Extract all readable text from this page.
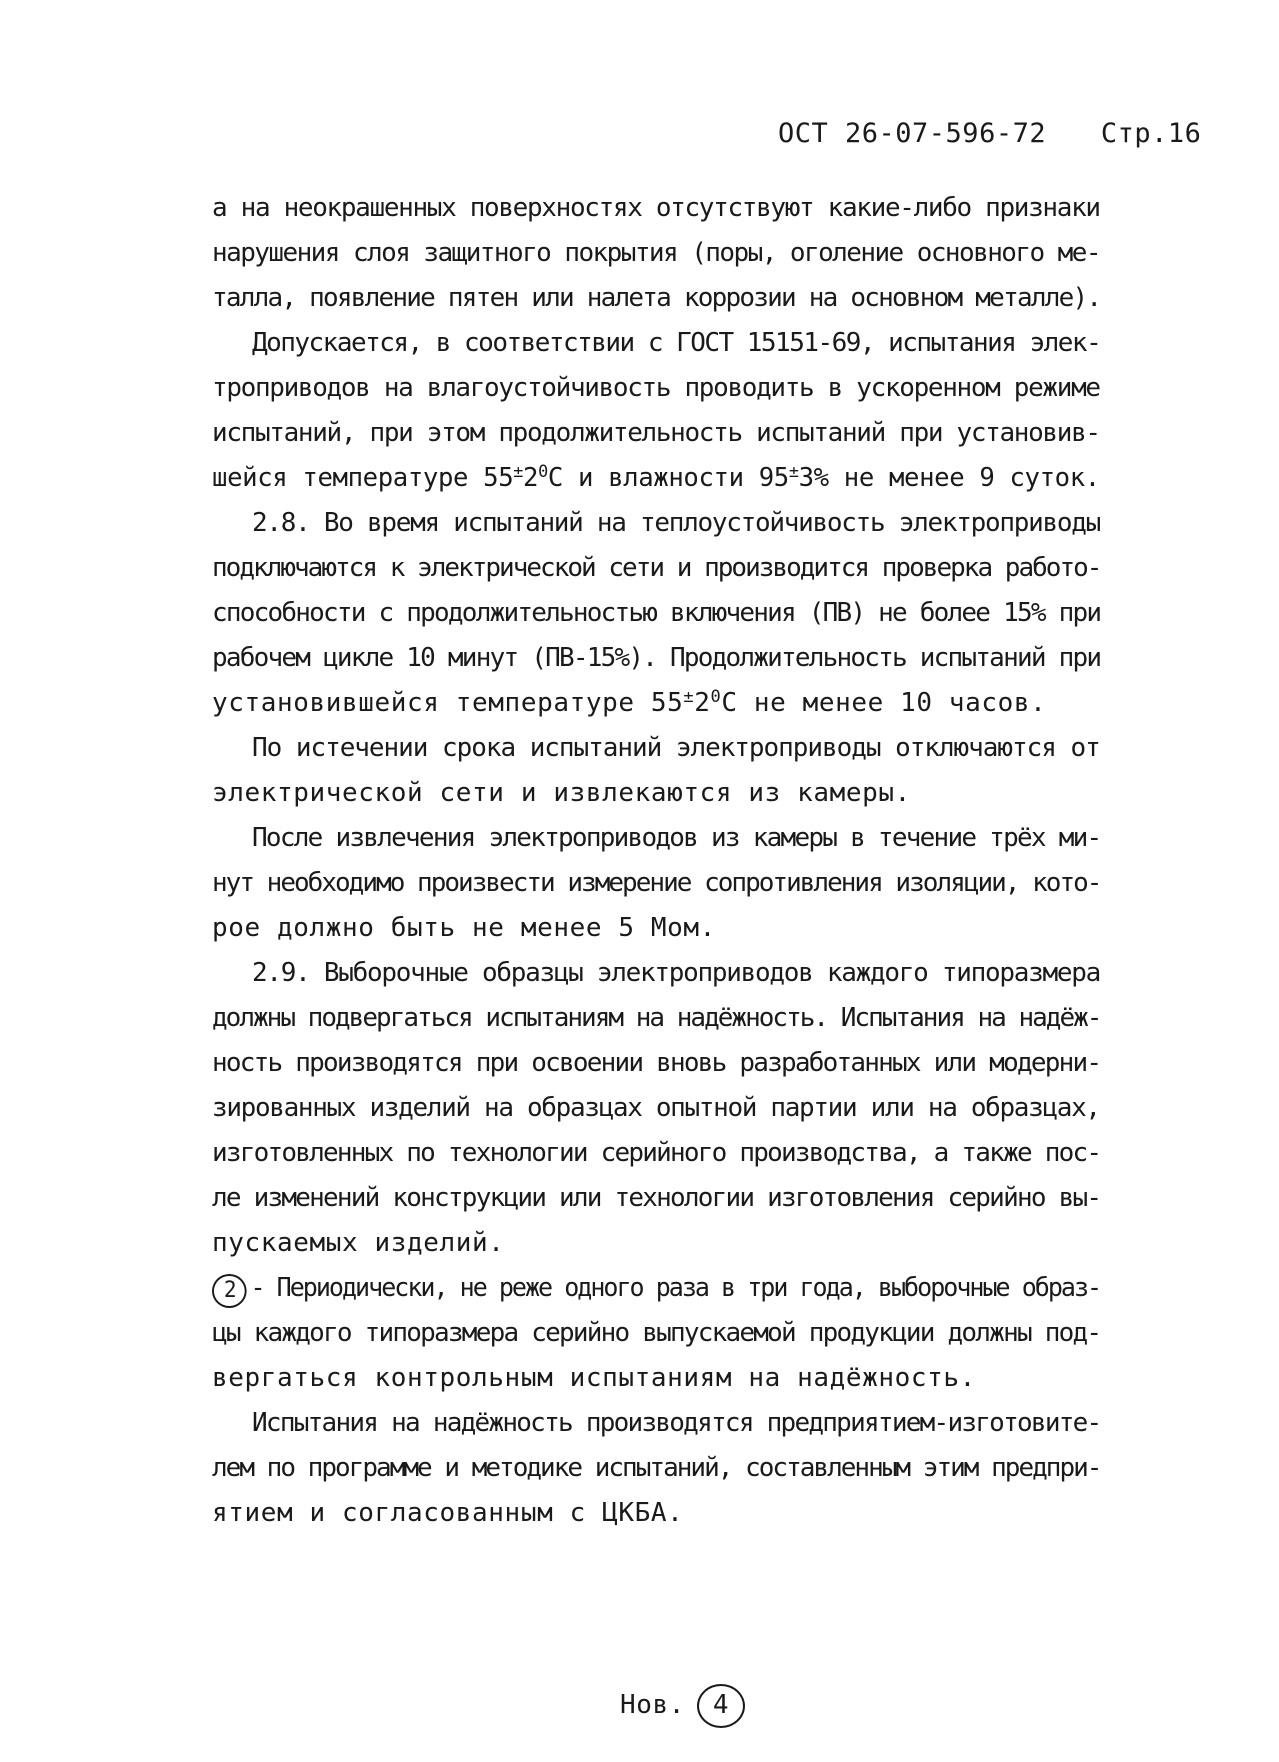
ОСТ 26-07-596-72 Стр.16
а на неокрашенных поверхностях отсутствуют какие-либо признаки
нарушения слоя защитного покрытия (поры, оголение основного ме-
талла, появление пятен или налета коррозии на основном металле).
Допускается, в соответствии с ГОСТ 15151-69, испытания элек-
троприводов на влагоустойчивость проводить в ускоренном режиме
испытаний, при этом продолжительность испытаний при установив-
шейся температуре $55^\pm 2^0С$ и влажности 95±3% не менее 9 суток.
2.8. Во время испытаний на теплоустойчивость электроприводы
подключаются к электрической сети и производится проверка работо-
способности с продолжительностью включения (ПВ) не более 15% при
рабочем цикле 10 минут (ПВ-15%). Продолжительность испытаний при
установившейся температуре $55^\pm 2^0С$ не менее 10 часов.
По истечении срока испытаний электроприводы отключаются от
электрической сети и извлекаются из камеры.
После извлечения электроприводов из камеры в течение трёх ми-
нут необходимо произвести измерение сопротивления изоляции, кото-
рое должно быть не менее 5 Мом.
2.9. Выборочные образцы электроприводов каждого типоразмера
должны подвергаться испытаниям на надёжность. Испытания на надёж-
ность производятся при освоении вновь разработанных или модерни-
зированных изделий на образцах опытной партии или на образцах,
изготовленных по технологии серийного производства, а также пос-
ле изменений конструкции или технологии изготовления серийно вы-
пускаемых изделий.
2 - Периодически, не реже одного раза в три года, выборочные образ-
цы каждого типоразмера серийно выпускаемой продукции должны под-
вергаться контрольным испытаниям на надёжность.
Испытания на надёжность производятся предприятием-изготовите-
лем по программе и методике испытаний, составленным этим предпри-
ятием и согласованным с ЦКБА.
Нов. 4
